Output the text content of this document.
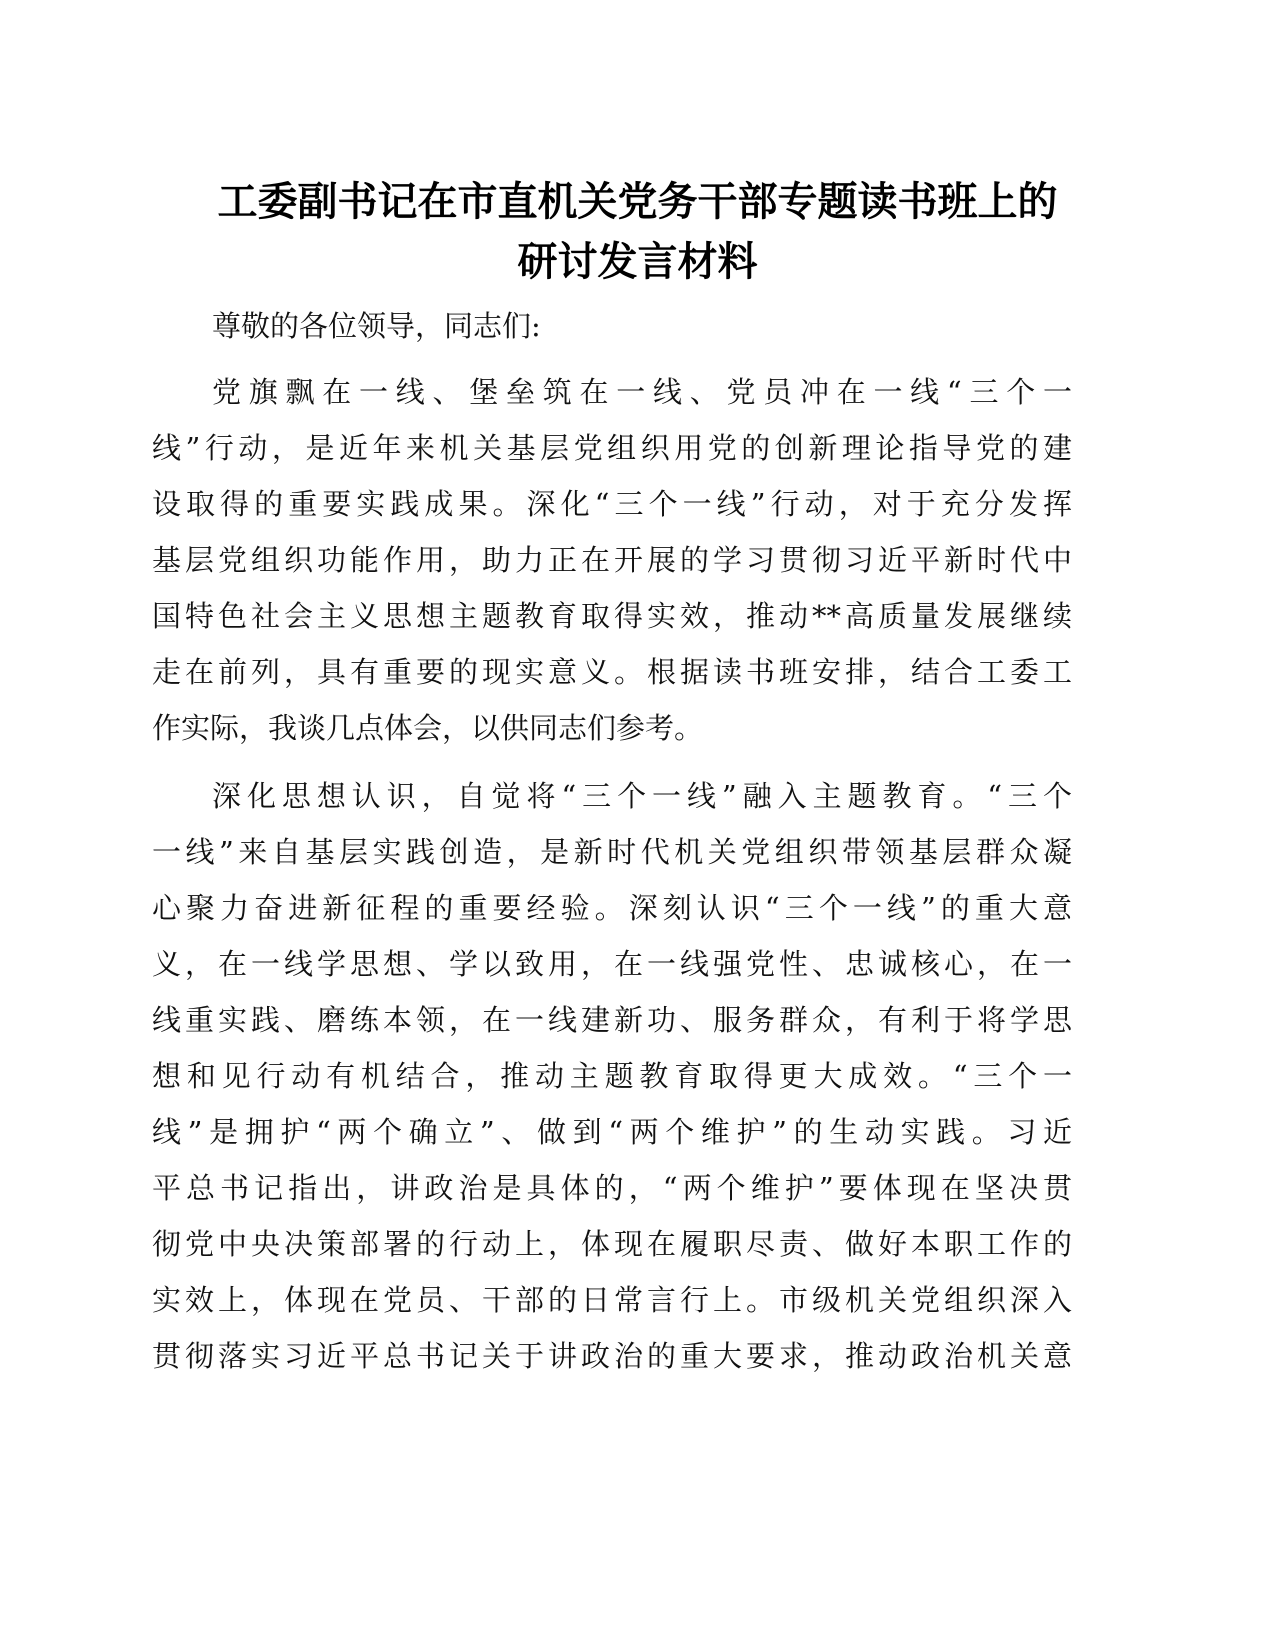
工委副书记在市直机关党务干部专题读书班上的
研讨发言材料

尊敬的各位领导，同志们:

党旗飘在一线、堡垒筑在一线、党员冲在一线“三个一

线”行动，是近年来机关基层党组织用党的创新理论指导党的建

设取得的重要实践成果。深化“三个一线”行动，对于充分发挥

基层党组织功能作用，助力正在开展的学习贯彻习近平新时代中

国特色社会主义思想主题教育取得实效，推动**高质量发展继续

走在前列，具有重要的现实意义。根据读书班安排，结合工委工

作实际，我谈几点体会，以供同志们参考。

深化思想认识，自觉将“三个一线”融入主题教育。“三个

一线”来自基层实践创造，是新时代机关党组织带领基层群众凝

心聚力奋进新征程的重要经验。深刻认识“三个一线”的重大意

义，在一线学思想、学以致用，在一线强党性、忠诚核心，在一

线重实践、磨练本领，在一线建新功、服务群众，有利于将学思

想和见行动有机结合，推动主题教育取得更大成效。“三个一

线”是拥护“两个确立”、做到“两个维护”的生动实践。习近

平总书记指出，讲政治是具体的，“两个维护”要体现在坚决贯

彻党中央决策部署的行动上，体现在履职尽责、做好本职工作的

实效上，体现在党员、干部的日常言行上。市级机关党组织深入

贯彻落实习近平总书记关于讲政治的重大要求，推动政治机关意
